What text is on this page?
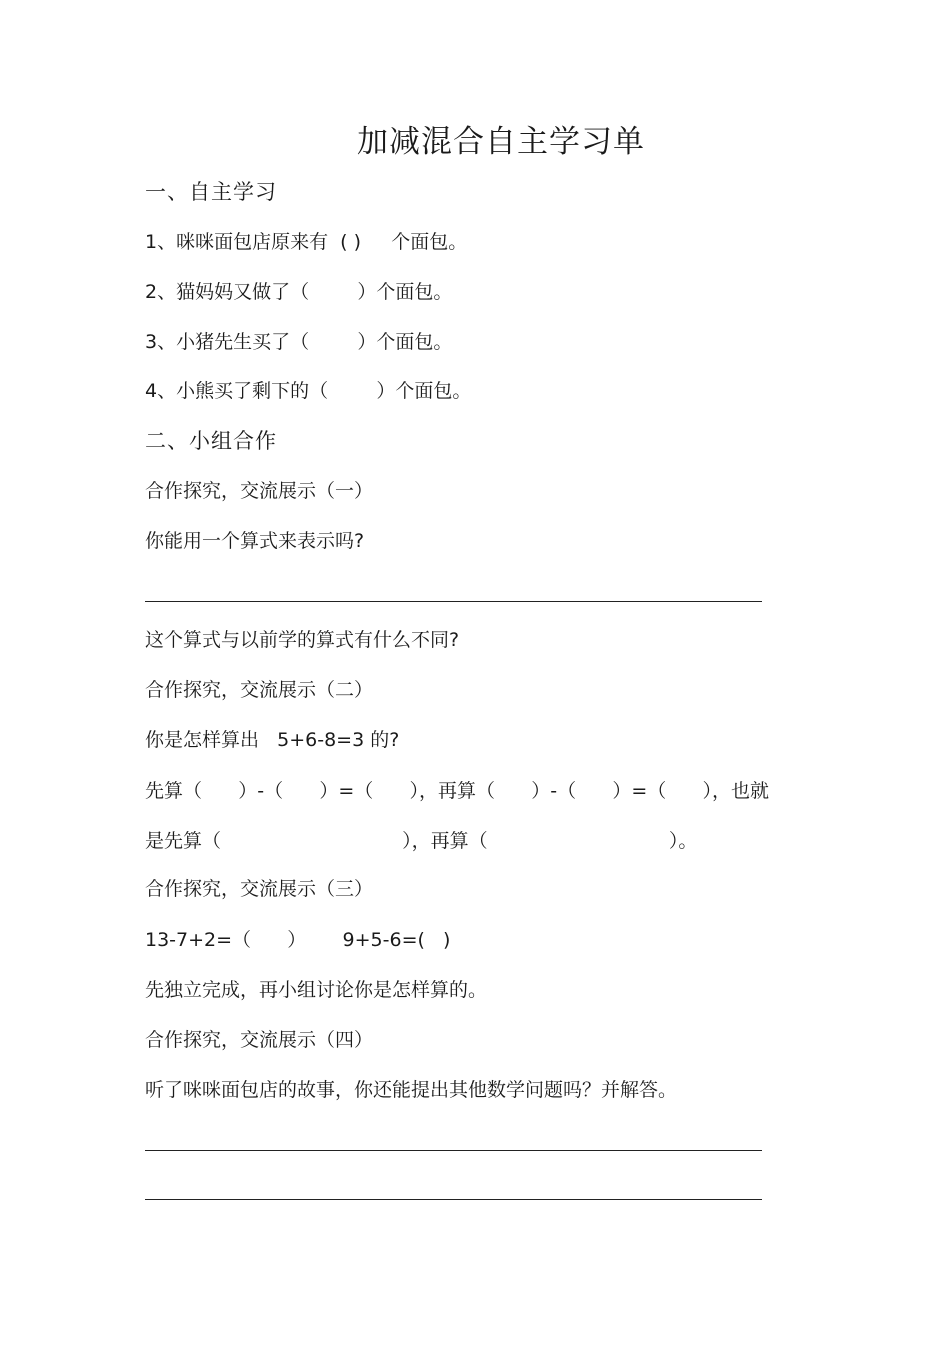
加减混合自主学习单
一、自主学习
1、咪咪面包店原来有  ( )     个面包。
2、猫妈妈又做了（        ）个面包。
3、小猪先生买了（        ）个面包。
4、小熊买了剩下的（        ）个面包。
二、小组合作
合作探究，交流展示（一）
你能用一个算式来表示吗?
这个算式与以前学的算式有什么不同?
合作探究，交流展示（二）
你是怎样算出   5+6-8=3 的?
先算（      ）-（      ）=（      ），再算（      ）-（      ）=（      ），也就
是先算（                              ），再算（                              ）。
合作探究，交流展示（三）
13-7+2=（      ）      9+5-6=(   )
先独立完成，再小组讨论你是怎样算的。
合作探究，交流展示（四）
听了咪咪面包店的故事，你还能提出其他数学问题吗？并解答。
